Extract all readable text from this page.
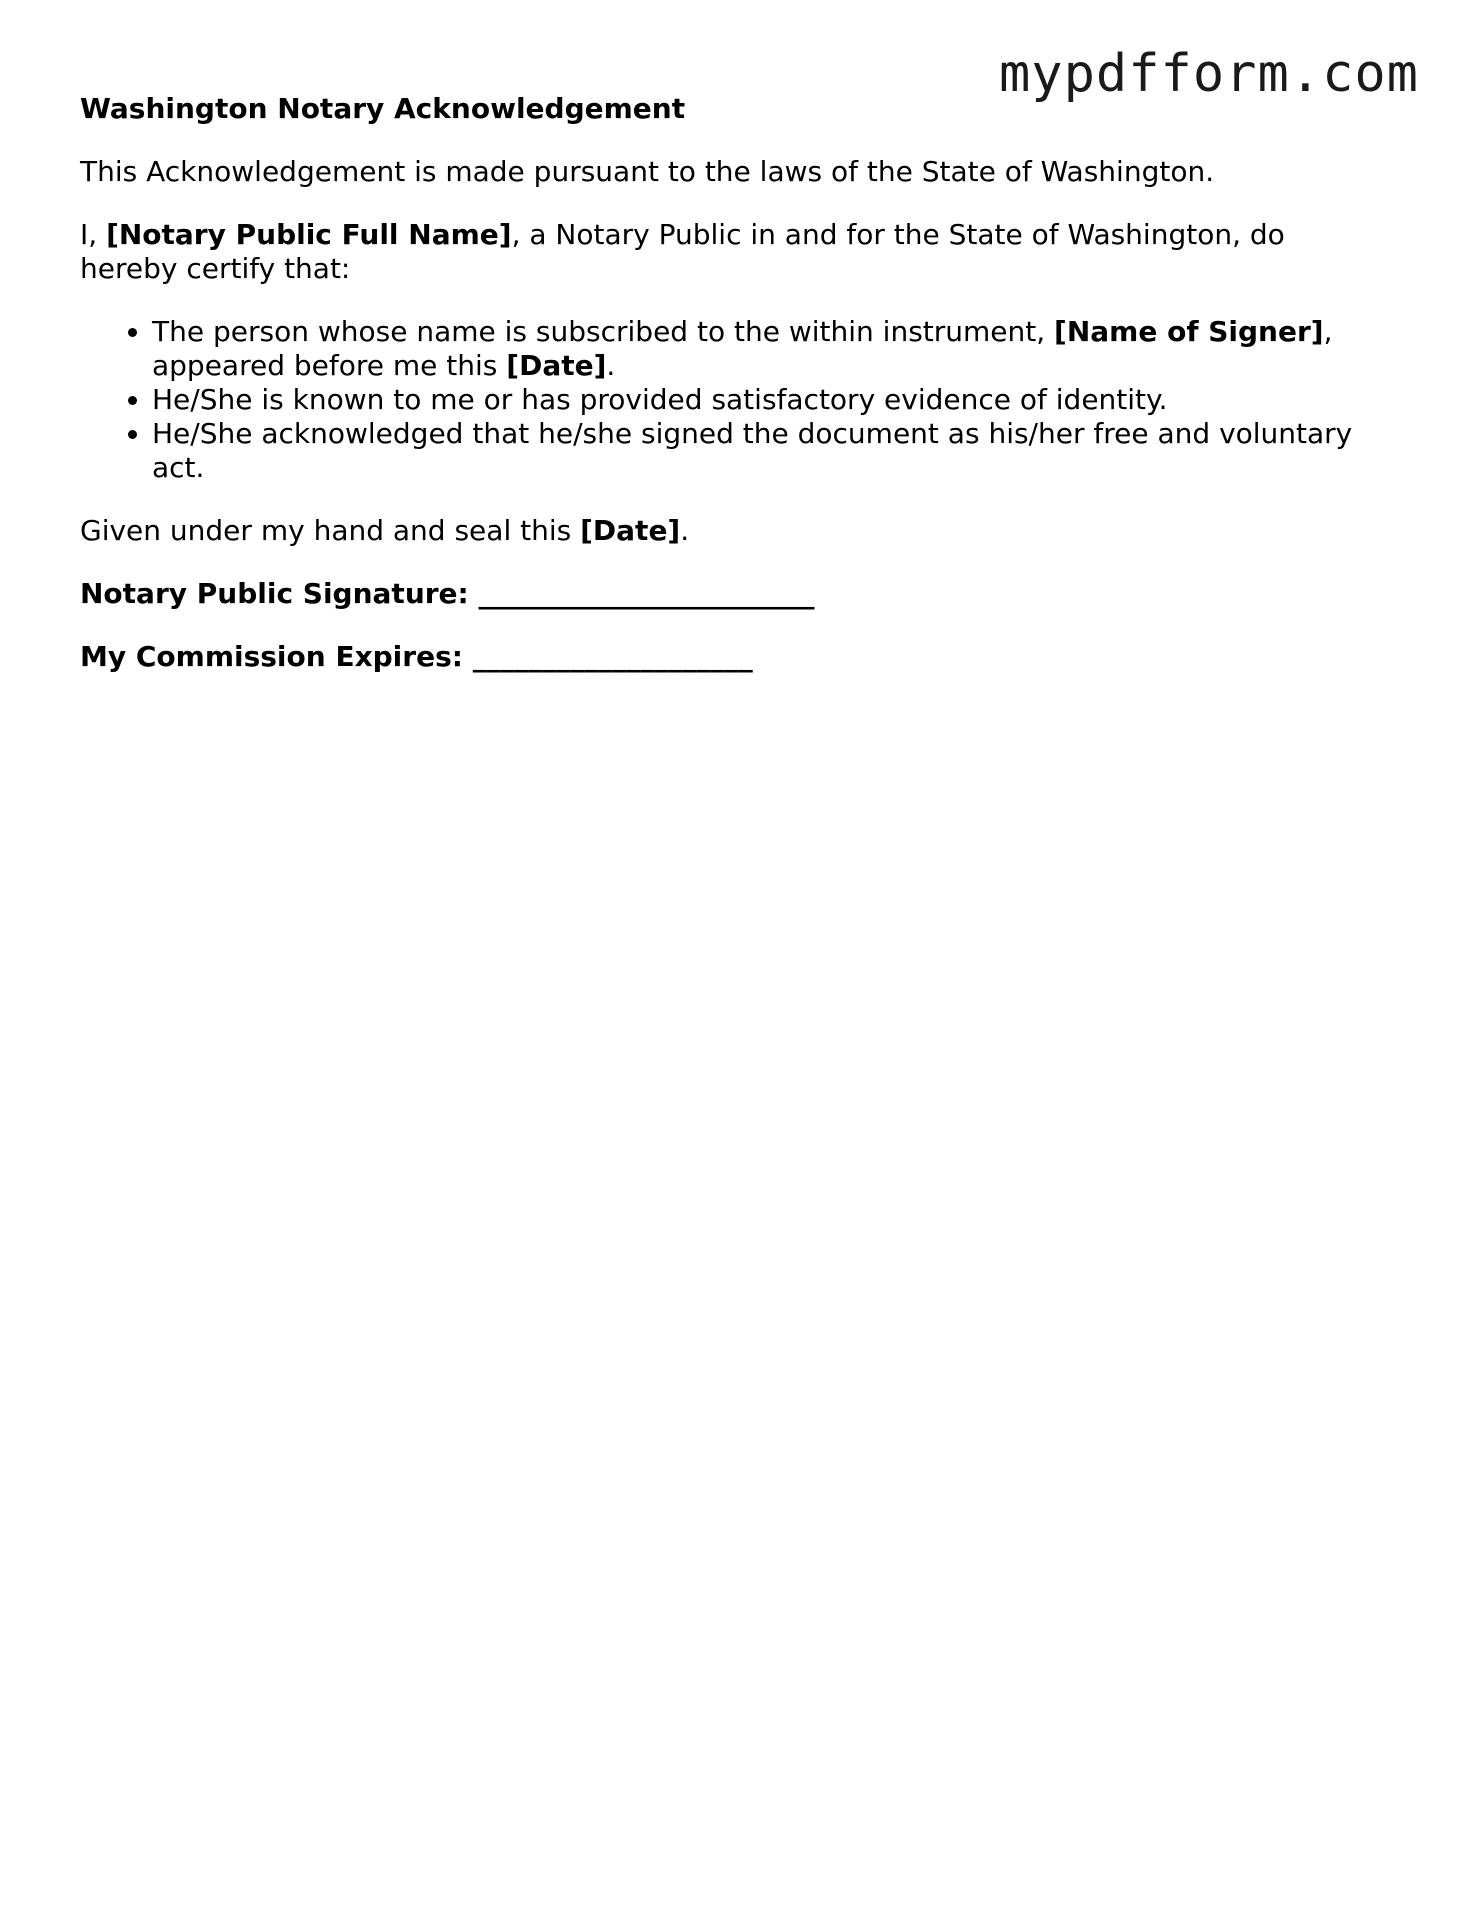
mypdfform.com
Washington Notary Acknowledgement

This Acknowledgement is made pursuant to the laws of the State of Washington.

I, [Notary Public Full Name], a Notary Public in and for the State of Washington, do hereby certify that:

• The person whose name is subscribed to the within instrument, [Name of Signer], appeared before me this [Date].
• He/She is known to me or has provided satisfactory evidence of identity.
• He/She acknowledged that he/she signed the document as his/her free and voluntary act.

Given under my hand and seal this [Date].

Notary Public Signature: ________________________
My Commission Expires: ____________________
